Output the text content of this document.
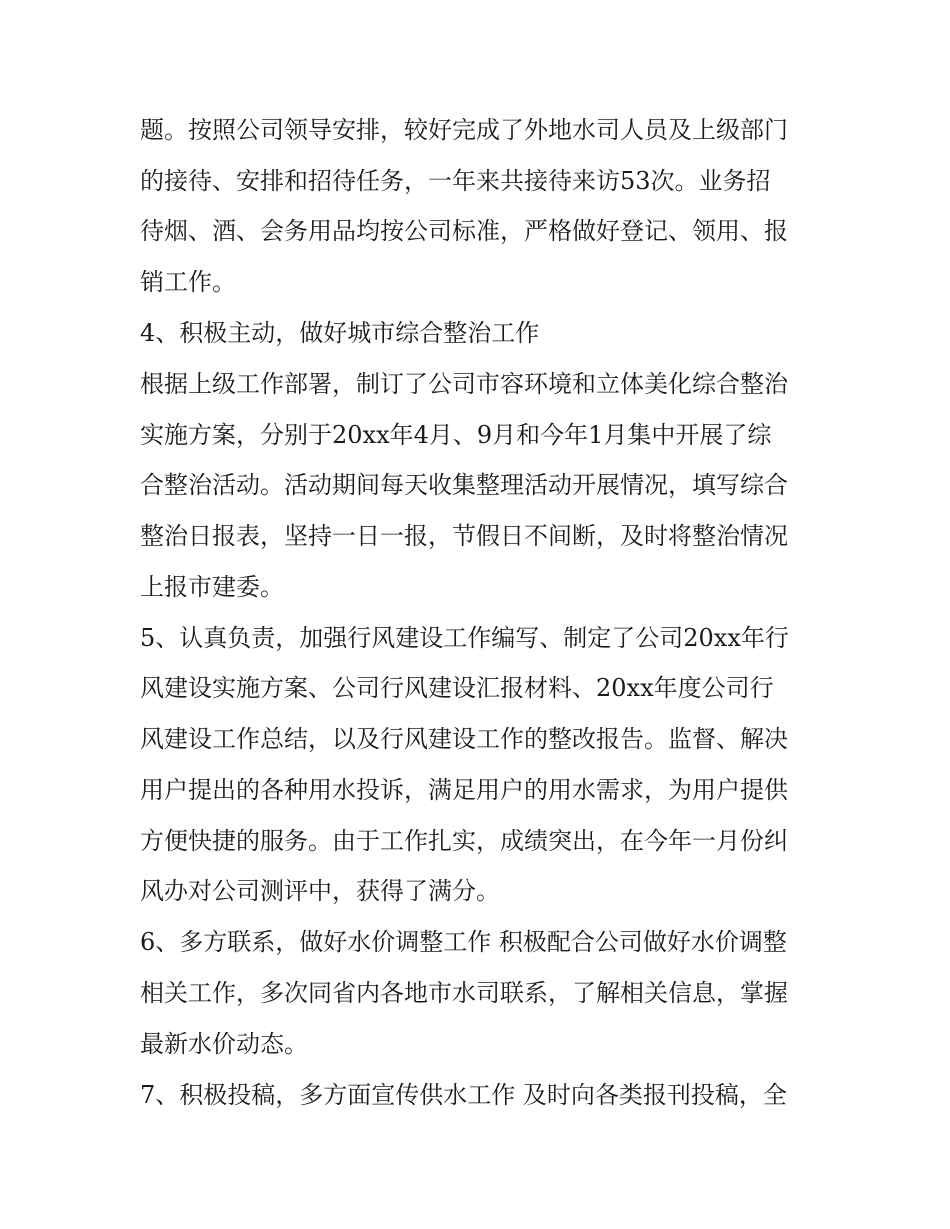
题。按照公司领导安排，较好完成了外地水司人员及上级部门

的接待、安排和招待任务，一年来共接待来访53次。业务招

待烟、酒、会务用品均按公司标准，严格做好登记、领用、报

销工作。

4、积极主动，做好城市综合整治工作

根据上级工作部署，制订了公司市容环境和立体美化综合整治

实施方案，分别于20xx年4月、9月和今年1月集中开展了综

合整治活动。活动期间每天收集整理活动开展情况，填写综合

整治日报表，坚持一日一报，节假日不间断，及时将整治情况

上报市建委。

5、认真负责，加强行风建设工作编写、制定了公司20xx年行

风建设实施方案、公司行风建设汇报材料、20xx年度公司行

风建设工作总结，以及行风建设工作的整改报告。监督、解决

用户提出的各种用水投诉，满足用户的用水需求，为用户提供

方便快捷的服务。由于工作扎实，成绩突出，在今年一月份纠

风办对公司测评中，获得了满分。

6、多方联系，做好水价调整工作 积极配合公司做好水价调整

相关工作，多次同省内各地市水司联系，了解相关信息，掌握

最新水价动态。

7、积极投稿，多方面宣传供水工作 及时向各类报刊投稿，全
